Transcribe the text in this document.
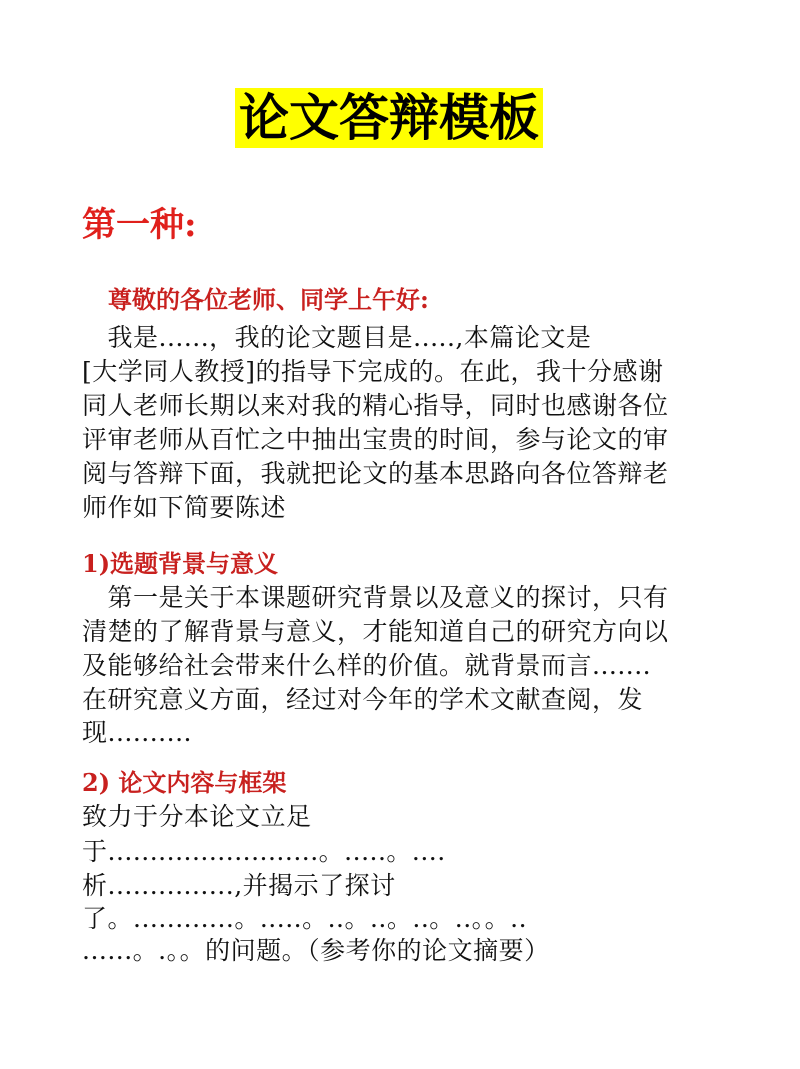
论文答辩模板
第一种:
尊敬的各位老师、同学上午好:
　我是......，我的论文题目是.....,本篇论文是
[大学同人教授]的指导下完成的。在此，我十分感谢
同人老师长期以来对我的精心指导，同时也感谢各位
评审老师从百忙之中抽出宝贵的时间，参与论文的审
阅与答辩下面，我就把论文的基本思路向各位答辩老
师作如下简要陈述
1)选题背景与意义
　第一是关于本课题研究背景以及意义的探讨，只有
清楚的了解背景与意义，才能知道自己的研究方向以
及能够给社会带来什么样的价值。就背景而言.......
在研究意义方面，经过对今年的学术文献查阅，发
现..........
2) 论文内容与框架
致力于分本论文立足
于.........................。.....。....
析...............,并揭示了探讨
了。............。.....。..。..。..。..。。..
......。.。。的问题。（参考你的论文摘要）
